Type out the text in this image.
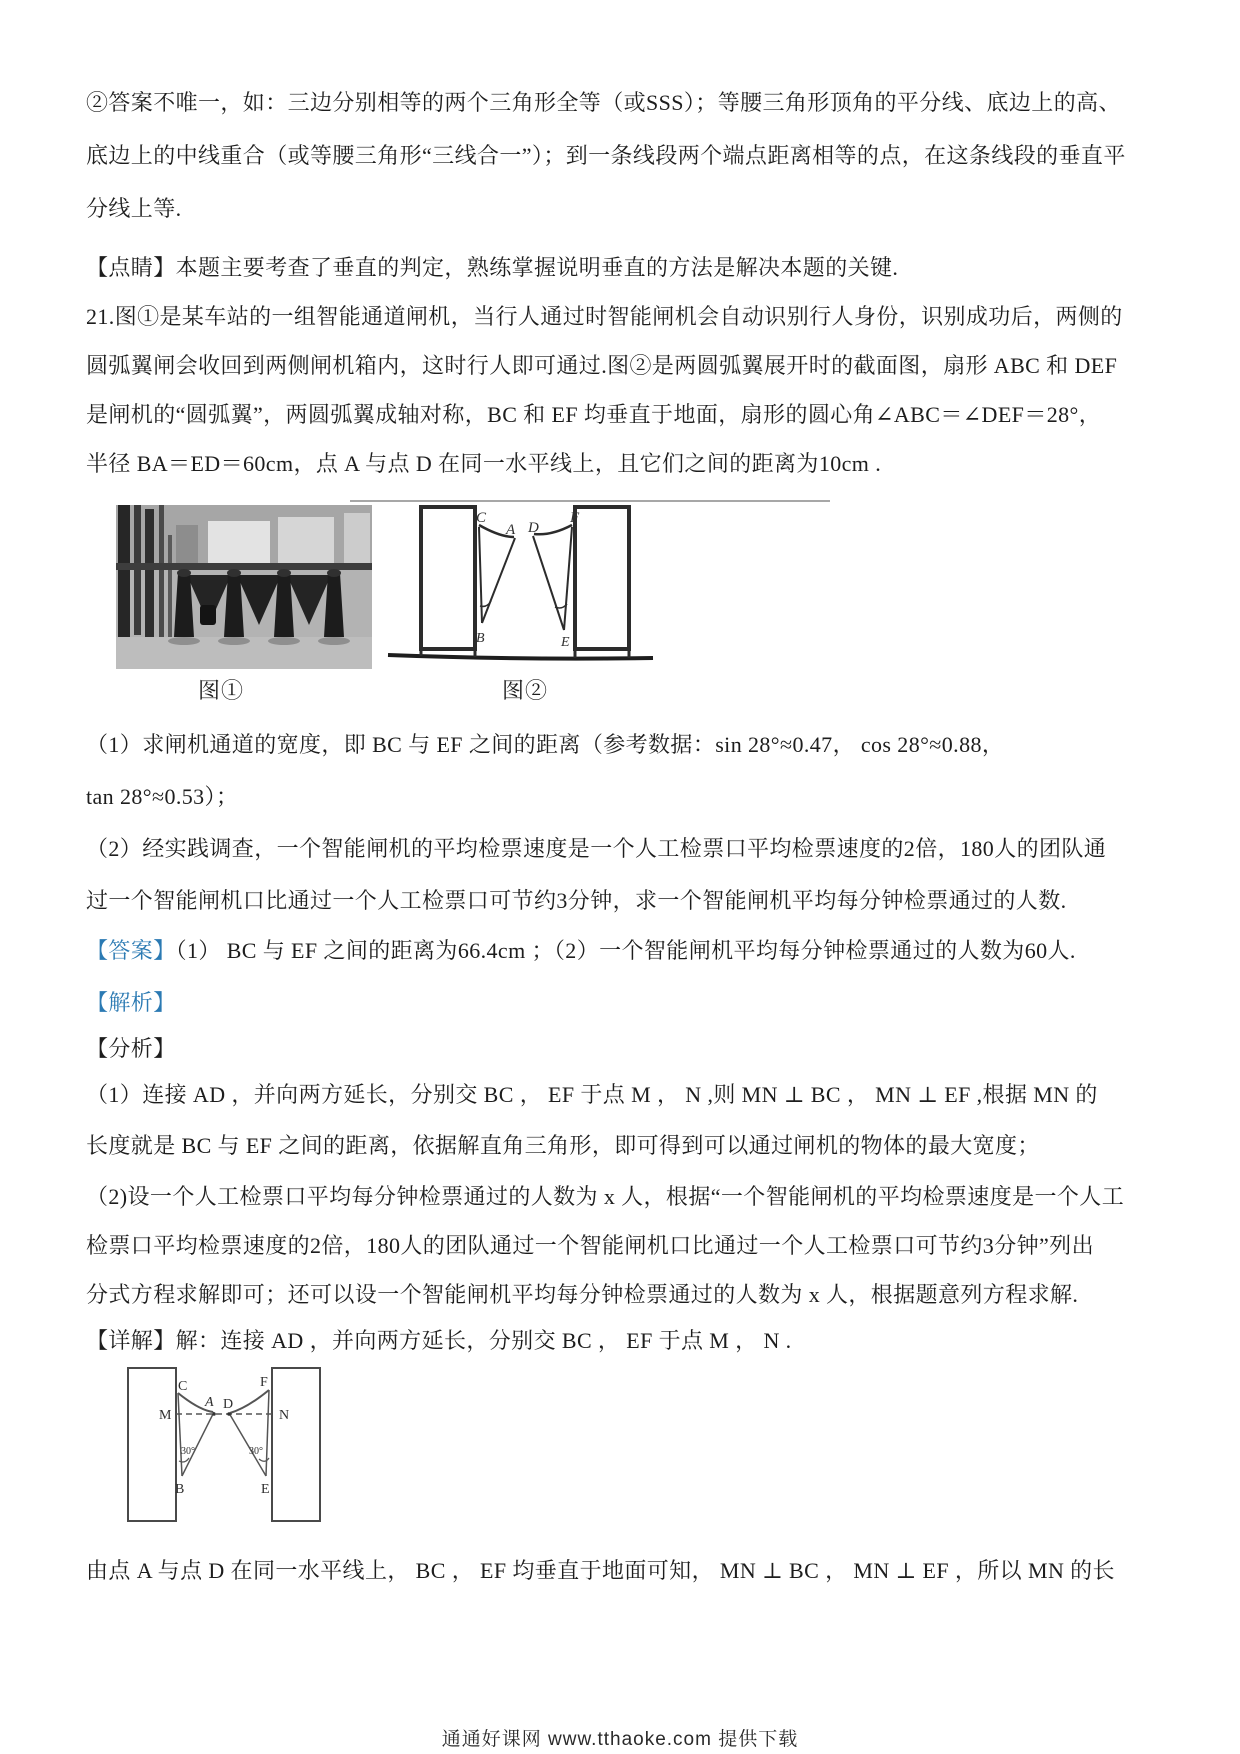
②答案不唯一，如：三边分别相等的两个三角形全等（或SSS）；等腰三角形顶角的平分线、底边上的高、
底边上的中线重合（或等腰三角形“三线合一”）；到一条线段两个端点距离相等的点，在这条线段的垂直平
分线上等.
【点睛】本题主要考查了垂直的判定，熟练掌握说明垂直的方法是解决本题的关键.
21.图①是某车站的一组智能通道闸机，当行人通过时智能闸机会自动识别行人身份，识别成功后，两侧的
圆弧翼闸会收回到两侧闸机箱内，这时行人即可通过.图②是两圆弧翼展开时的截面图，扇形 ABC 和 DEF
是闸机的“圆弧翼”，两圆弧翼成轴对称，BC 和 EF 均垂直于地面，扇形的圆心角∠ABC＝∠DEF＝28°，
半径 BA＝ED＝60cm，点 A 与点 D 在同一水平线上，且它们之间的距离为10cm .
C
A D
F
B	E
图①	图②
（1）求闸机通道的宽度，即 BC 与 EF 之间的距离（参考数据：sin 28°≈0.47， cos 28°≈0.88，
tan 28°≈0.53）；
（2）经实践调查，一个智能闸机的平均检票速度是一个人工检票口平均检票速度的2倍，180人的团队通
过一个智能闸机口比通过一个人工检票口可节约3分钟，求一个智能闸机平均每分钟检票通过的人数.
【答案】（1） BC 与 EF 之间的距离为66.4cm ；（2）一个智能闸机平均每分钟检票通过的人数为60人.
【解析】
【分析】
（1）连接 AD ，并向两方延长，分别交 BC ， EF 于点 M ， N ,则 MN ⊥ BC ， MN ⊥ EF ,根据 MN 的
长度就是 BC 与 EF 之间的距离，依据解直角三角形，即可得到可以通过闸机的物体的最大宽度；
（2)设一个人工检票口平均每分钟检票通过的人数为 x 人，根据“一个智能闸机的平均检票速度是一个人工
检票口平均检票速度的2倍，180人的团队通过一个智能闸机口比通过一个人工检票口可节约3分钟”列出
分式方程求解即可；还可以设一个智能闸机平均每分钟检票通过的人数为 x 人，根据题意列方程求解.
【详解】解：连接 AD ，并向两方延长，分别交 BC ， EF 于点 M ， N .
C	F
A D
M	N
B	E
30°	30°
由点 A 与点 D 在同一水平线上， BC ， EF 均垂直于地面可知， MN ⊥ BC ， MN ⊥ EF ，所以 MN 的长
通通好课网 www.tthaoke.com 提供下载
